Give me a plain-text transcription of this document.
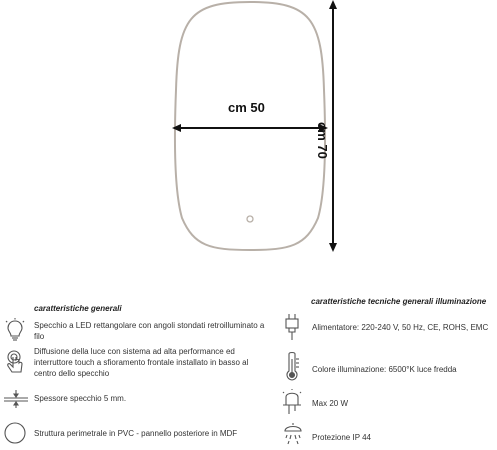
cm 50
cm 70
caratteristiche generali
Specchio a LED rettangolare con angoli stondati retroilluminato a filo
Diffusione della luce con sistema ad alta performance ed interruttore touch a sfioramento frontale installato in basso al centro dello specchio
Spessore specchio 5 mm.
Struttura perimetrale in PVC - pannello posteriore in MDF
caratteristiche tecniche generali illuminazione
Alimentatore: 220-240 V, 50 Hz, CE, ROHS, EMC
Colore illuminazione: 6500°K luce fredda
Max 20 W
Protezione IP 44
